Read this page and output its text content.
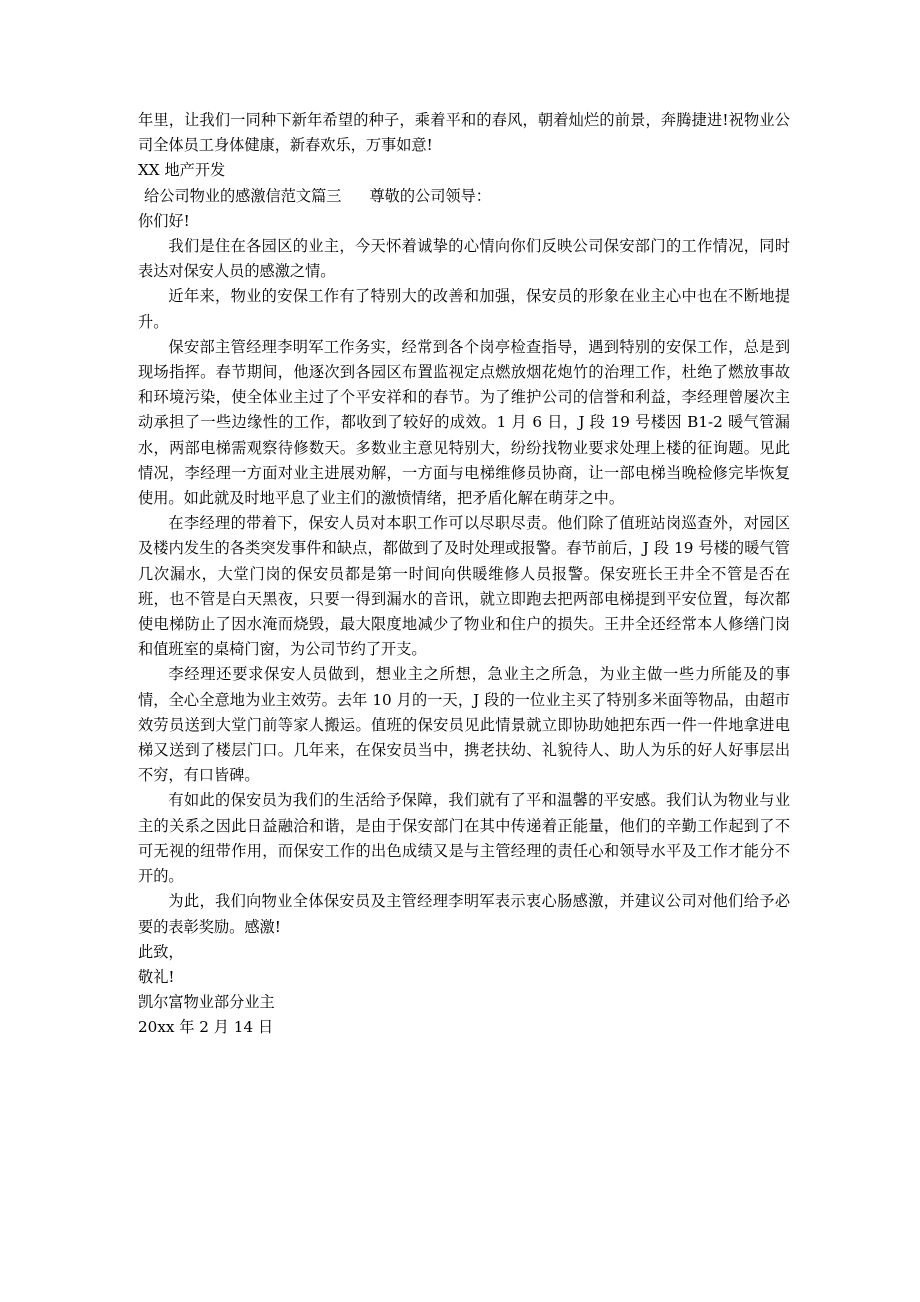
年里，让我们一同种下新年希望的种子，乘着平和的春风，朝着灿烂的前景，奔腾捷进!祝物业公司全体员工身体健康，新春欢乐，万事如意!

XX 地产开发

给公司物业的感激信范文篇三 尊敬的公司领导：

你们好!

我们是住在各园区的业主，今天怀着诚挚的心情向你们反映公司保安部门的工作情况，同时表达对保安人员的感激之情。

近年来，物业的安保工作有了特别大的改善和加强，保安员的形象在业主心中也在不断地提升。

保安部主管经理李明军工作务实，经常到各个岗亭检查指导，遇到特别的安保工作，总是到现场指挥。春节期间，他逐次到各园区布置监视定点燃放烟花炮竹的治理工作，杜绝了燃放事故和环境污染，使全体业主过了个平安祥和的春节。为了维护公司的信誉和利益，李经理曾屡次主动承担了一些边缘性的工作，都收到了较好的成效。1 月 6 日，J 段 19 号楼因 B1-2 暖气管漏水，两部电梯需观察待修数天。多数业主意见特别大，纷纷找物业要求处理上楼的征询题。见此情况，李经理一方面对业主进展劝解，一方面与电梯维修员协商，让一部电梯当晚检修完毕恢复使用。如此就及时地平息了业主们的激愤情绪，把矛盾化解在萌芽之中。

在李经理的带着下，保安人员对本职工作可以尽职尽责。他们除了值班站岗巡查外，对园区及楼内发生的各类突发事件和缺点，都做到了及时处理或报警。春节前后，J 段 19 号楼的暖气管几次漏水，大堂门岗的保安员都是第一时间向供暖维修人员报警。保安班长王井全不管是否在班，也不管是白天黑夜，只要一得到漏水的音讯，就立即跑去把两部电梯提到平安位置，每次都使电梯防止了因水淹而烧毁，最大限度地减少了物业和住户的损失。王井全还经常本人修缮门岗和值班室的桌椅门窗，为公司节约了开支。

李经理还要求保安人员做到，想业主之所想，急业主之所急，为业主做一些力所能及的事情，全心全意地为业主效劳。去年 10 月的一天，J 段的一位业主买了特别多米面等物品，由超市效劳员送到大堂门前等家人搬运。值班的保安员见此情景就立即协助她把东西一件一件地拿进电梯又送到了楼层门口。几年来，在保安员当中，携老扶幼、礼貌待人、助人为乐的好人好事层出不穷，有口皆碑。

有如此的保安员为我们的生活给予保障，我们就有了平和温馨的平安感。我们认为物业与业主的关系之因此日益融洽和谐，是由于保安部门在其中传递着正能量，他们的辛勤工作起到了不可无视的纽带作用，而保安工作的出色成绩又是与主管经理的责任心和领导水平及工作才能分不开的。

为此，我们向物业全体保安员及主管经理李明军表示衷心肠感激，并建议公司对他们给予必要的表彰奖励。感激!

此致，

敬礼!

凯尔富物业部分业主

20xx 年 2 月 14 日
